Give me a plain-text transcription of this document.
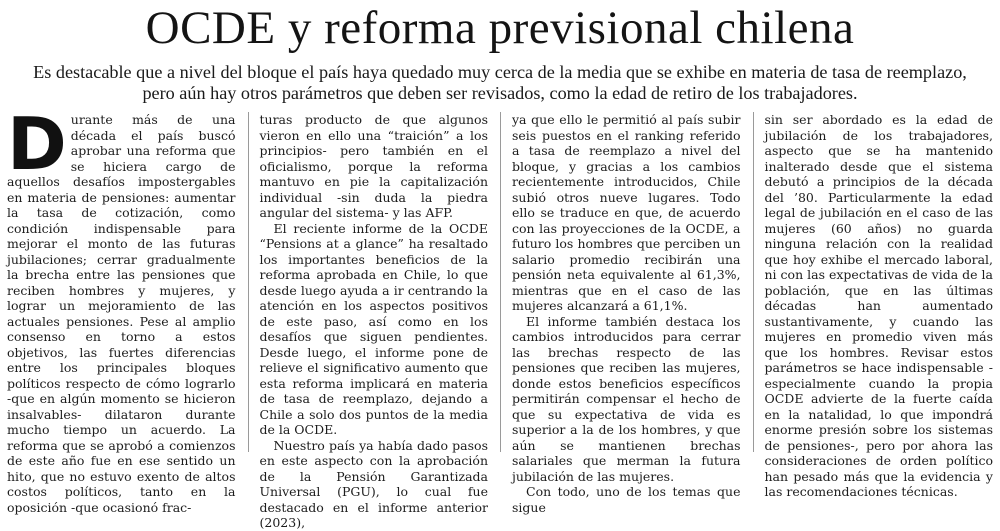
OCDE y reforma previsional chilena

Es destacable que a nivel del bloque el país haya quedado muy cerca de la media que se exhibe en materia de tasa de reemplazo, pero aún hay otros parámetros que deben ser revisados, como la edad de retiro de los trabajadores.

Durante más de una década el país buscó aprobar una reforma que se hiciera cargo de aquellos desafíos impostergables en materia de pensiones: aumentar la tasa de cotización, como condición indispensable para mejorar el monto de las futuras jubilaciones; cerrar gradualmente la brecha entre las pensiones que reciben hombres y mujeres, y lograr un mejoramiento de las actuales pensiones. Pese al amplio consenso en torno a estos objetivos, las fuertes diferencias entre los principales bloques políticos respecto de cómo lograrlo -que en algún momento se hicieron insalvables- dilataron durante mucho tiempo un acuerdo. La reforma que se aprobó a comienzos de este año fue en ese sentido un hito, que no estuvo exento de altos costos políticos, tanto en la oposición -que ocasionó frac-

turas producto de que algunos vieron en ello una “traición” a los principios- pero también en el oficialismo, porque la reforma mantuvo en pie la capitalización individual -sin duda la piedra angular del sistema- y las AFP.

El reciente informe de la OCDE “Pensions at a glance” ha resaltado los importantes beneficios de la reforma aprobada en Chile, lo que desde luego ayuda a ir centrando la atención en los aspectos positivos de este paso, así como en los desafíos que siguen pendientes. Desde luego, el informe pone de relieve el significativo aumento que esta reforma implicará en materia de tasa de reemplazo, dejando a Chile a solo dos puntos de la media de la OCDE.

Nuestro país ya había dado pasos en este aspecto con la aprobación de la Pensión Garantizada Universal (PGU), lo cual fue destacado en el informe anterior (2023),

ya que ello le permitió al país subir seis puestos en el ranking referido a tasa de reemplazo a nivel del bloque, y gracias a los cambios recientemente introducidos, Chile subió otros nueve lugares. Todo ello se traduce en que, de acuerdo con las proyecciones de la OCDE, a futuro los hombres que perciben un salario promedio recibirán una pensión neta equivalente al 61,3%, mientras que en el caso de las mujeres alcanzará a 61,1%.

El informe también destaca los cambios introducidos para cerrar las brechas respecto de las pensiones que reciben las mujeres, donde estos beneficios específicos permitirán compensar el hecho de que su expectativa de vida es superior a la de los hombres, y que aún se mantienen brechas salariales que merman la futura jubilación de las mujeres.

Con todo, uno de los temas que sigue

sin ser abordado es la edad de jubilación de los trabajadores, aspecto que se ha mantenido inalterado desde que el sistema debutó a principios de la década del ’80. Particularmente la edad legal de jubilación en el caso de las mujeres (60 años) no guarda ninguna relación con la realidad que hoy exhibe el mercado laboral, ni con las expectativas de vida de la población, que en las últimas décadas han aumentado sustantivamente, y cuando las mujeres en promedio viven más que los hombres. Revisar estos parámetros se hace indispensable -especialmente cuando la propia OCDE advierte de la fuerte caída en la natalidad, lo que impondrá enorme presión sobre los sistemas de pensiones-, pero por ahora las consideraciones de orden político han pesado más que la evidencia y las recomendaciones técnicas.
